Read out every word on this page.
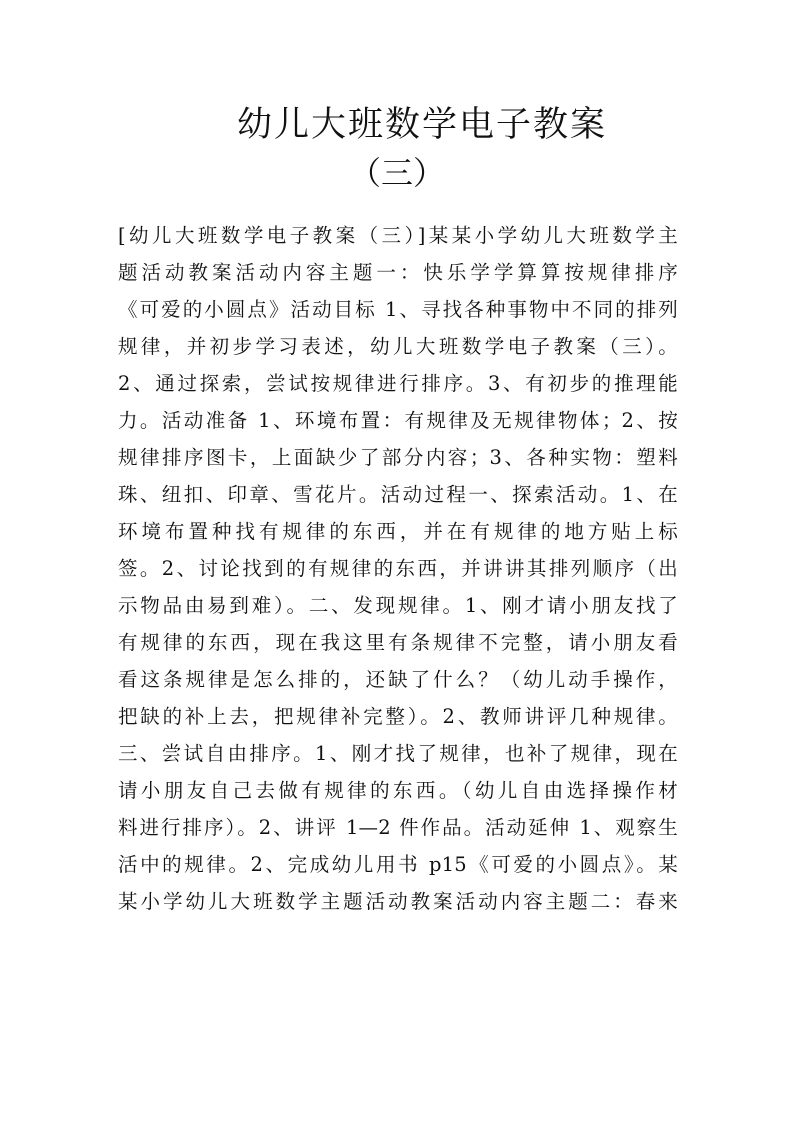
幼儿大班数学电子教案
（三）
[幼儿大班数学电子教案（三）]某某小学幼儿大班数学主
题活动教案活动内容主题一：快乐学学算算按规律排序
《可爱的小圆点》活动目标 1、寻找各种事物中不同的排列
规律，并初步学习表述，幼儿大班数学电子教案（三）。
2、通过探索，尝试按规律进行排序。3、有初步的推理能
力。活动准备 1、环境布置：有规律及无规律物体；2、按
规律排序图卡，上面缺少了部分内容；3、各种实物：塑料
珠、纽扣、印章、雪花片。活动过程一、探索活动。1、在
环境布置种找有规律的东西，并在有规律的地方贴上标
签。2、讨论找到的有规律的东西，并讲讲其排列顺序（出
示物品由易到难）。二、发现规律。1、刚才请小朋友找了
有规律的东西，现在我这里有条规律不完整，请小朋友看
看这条规律是怎么排的，还缺了什么？（幼儿动手操作，
把缺的补上去，把规律补完整）。2、教师讲评几种规律。
三、尝试自由排序。1、刚才找了规律，也补了规律，现在
请小朋友自己去做有规律的东西。（幼儿自由选择操作材
料进行排序）。2、讲评 1—2 件作品。活动延伸 1、观察生
活中的规律。2、完成幼儿用书 p15《可爱的小圆点》。某
某小学幼儿大班数学主题活动教案活动内容主题二：春来
